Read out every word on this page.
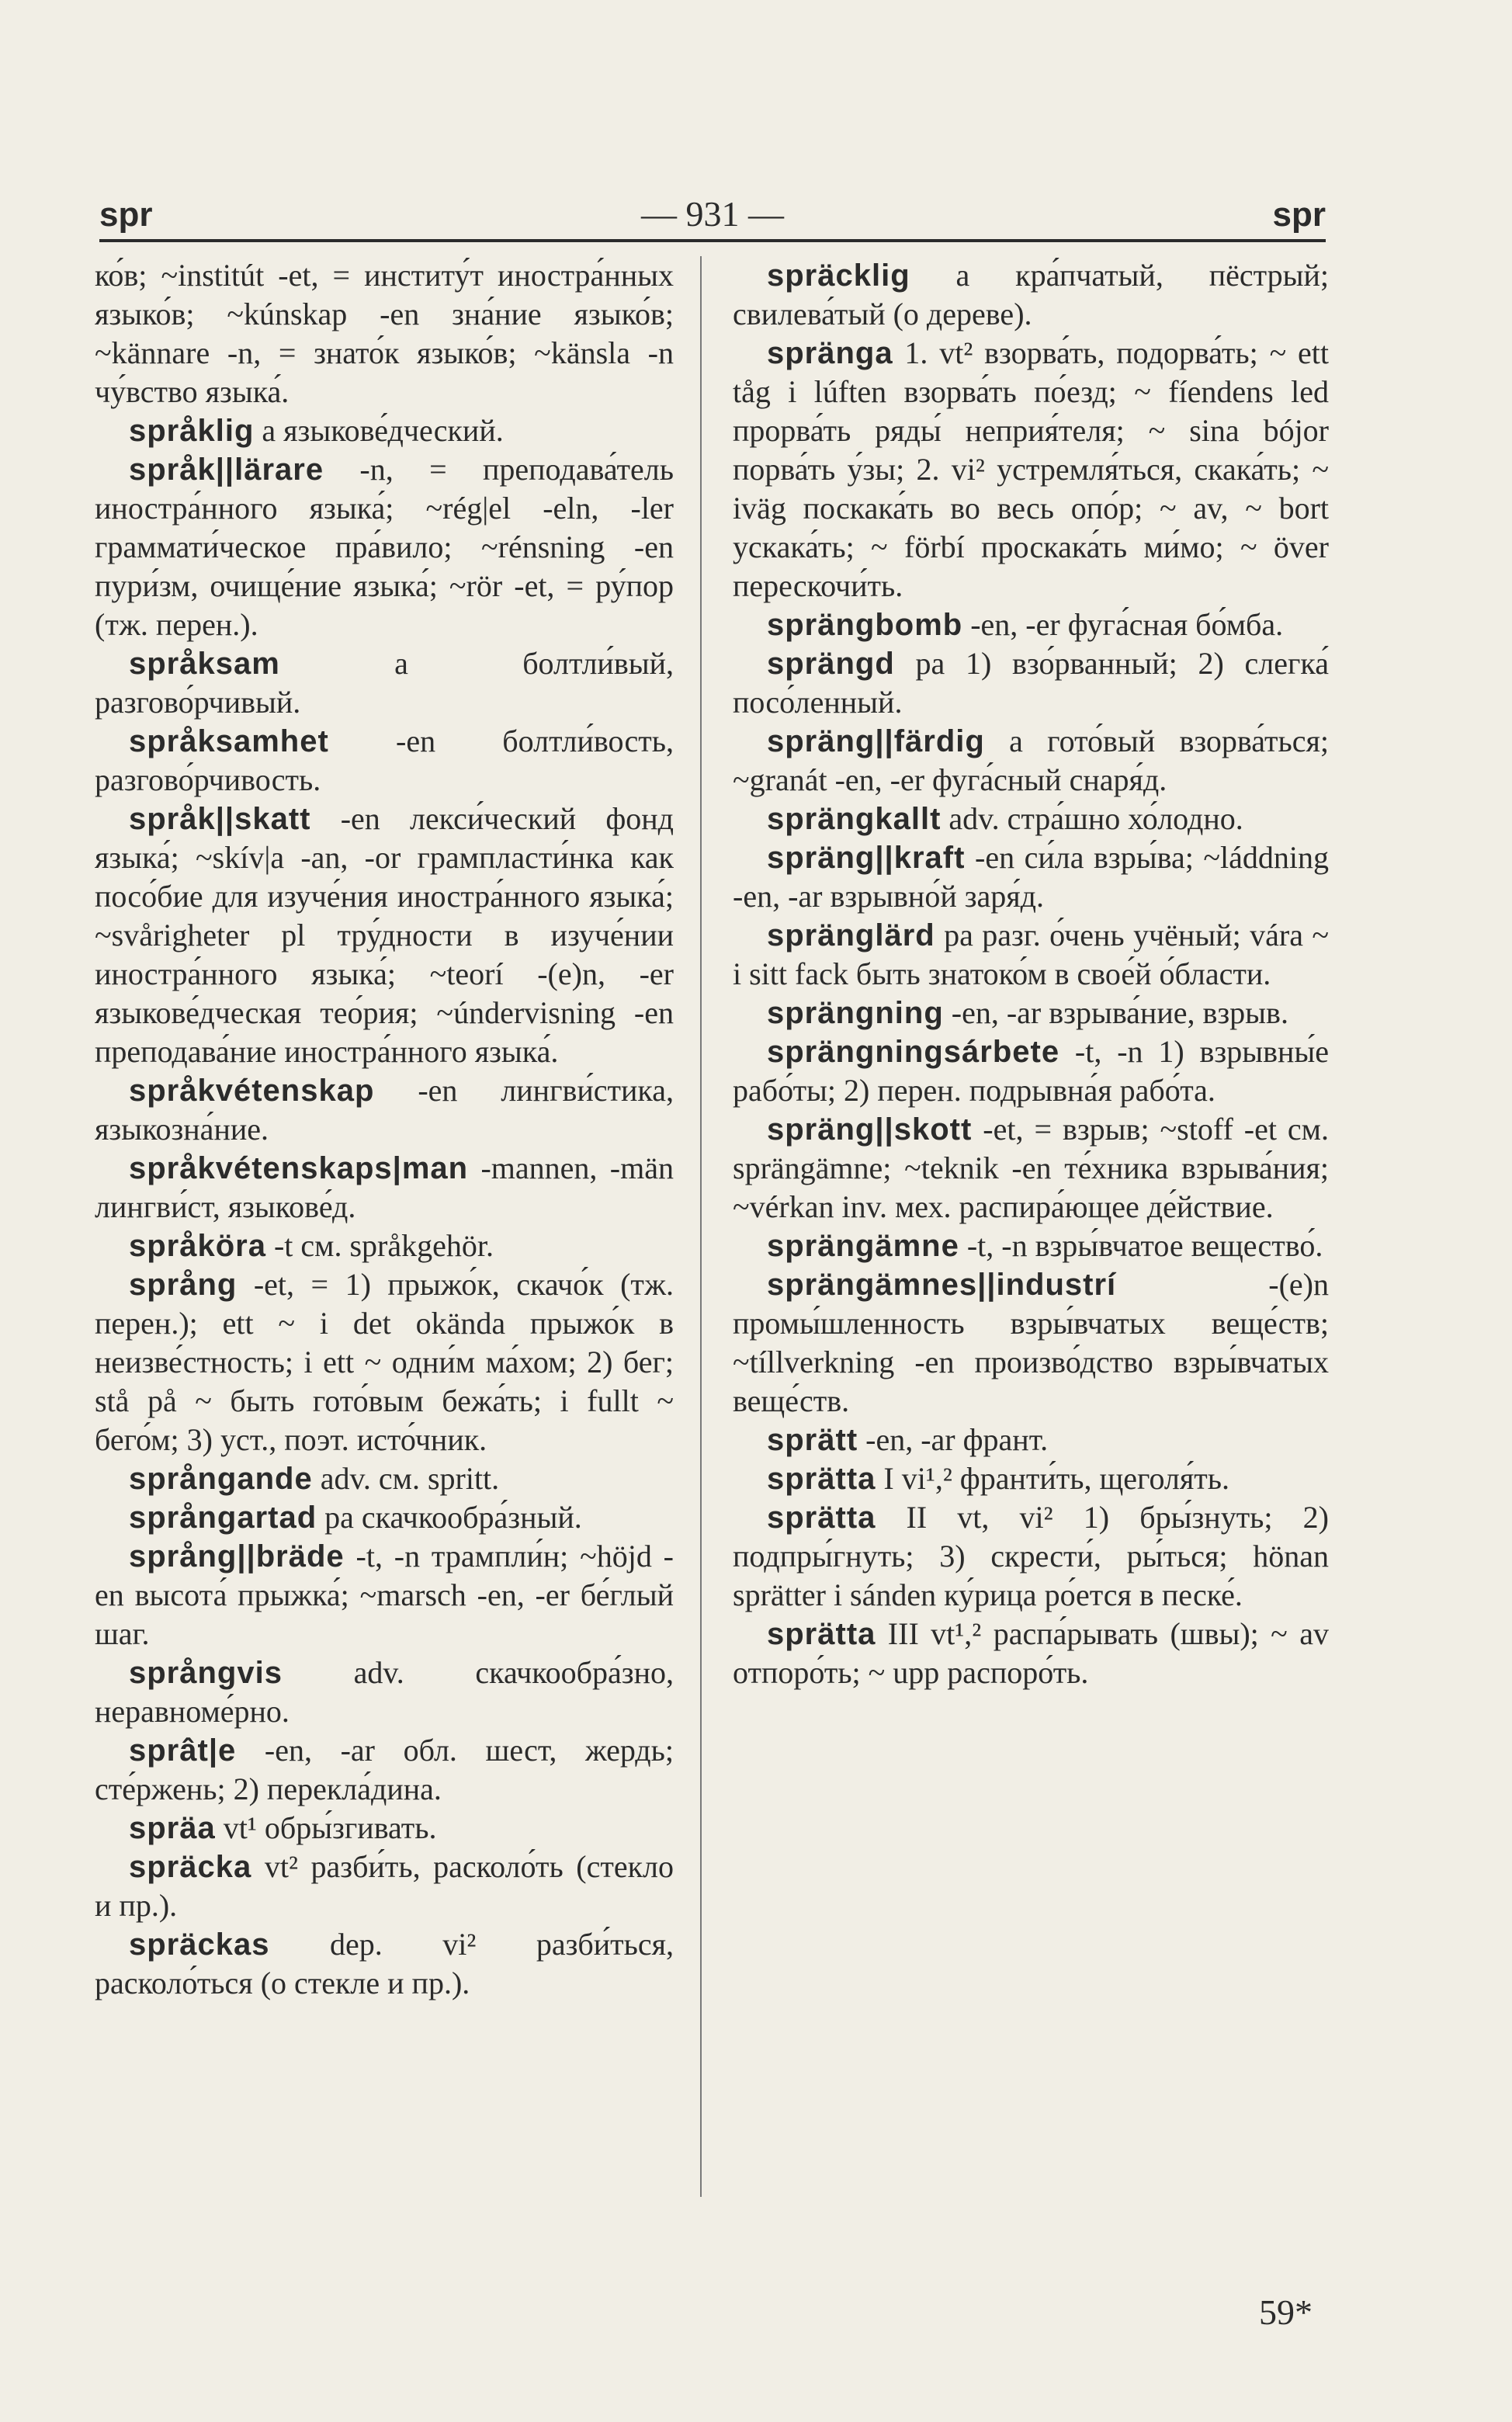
spr	— 931 —	spr

ко́в; ~institút -et, = институ́т иностра́нных языко́в; ~kúnskap -en зна́ние языко́в; ~kännare -n, = знато́к языко́в; ~känsla -n чу́вство языка́.

språklig a языкове́дческий.

språk||lärare -n, = преподава́тель иностра́нного языка́; ~rég|el -eln, -ler граммати́ческое пра́вило; ~rénsning -en пури́зм, очище́ние языка́; ~rör -et, = ру́пор (тж. перен.).

språksam a болтли́вый, разгово́рчивый.

språksamhet -en болтли́вость, разгово́рчивость.

språk||skatt -en лекси́ческий фонд языка́; ~skív|a -an, -or грампласти́нка как посо́бие для изуче́ния иностра́нного языка́; ~svårigheter pl тру́дности в изуче́нии иностра́нного языка́; ~teorí -(e)n, -er языкове́дческая тео́рия; ~úndervisning -en преподава́ние иностра́нного языка́.

språkvétenskap -en лингви́стика, языкозна́ние.

språkvétenskaps|man -mannen, -män лингви́ст, языкове́д.

språköra -t см. språkgehör.

språng -et, = 1) прыжо́к, скачо́к (тж. перен.); ett ~ i det okända прыжо́к в неизве́стность; i ett ~ одни́м ма́хом; 2) бег; stå på ~ быть гото́вым бежа́ть; i fullt ~ бего́м; 3) уст., поэт. исто́чник.

språngande adv. см. spritt.

språngartad pa скачкообра́зный.

språng||bräde -t, -n трампли́н; ~höjd -en высота́ прыжка́; ~marsch -en, -er бе́глый шаг.

språngvis adv. скачкообра́зно, неравноме́рно.

sprât|e -en, -ar обл. шест, жердь; сте́ржень; 2) перекла́дина.

spräa vt¹ обры́згивать.

spräcka vt² разби́ть, расколо́ть (стекло и пр.).

spräckas dep. vi² разби́ться, расколо́ться (о стекле и пр.).

spräcklig a кра́пчатый, пёстрый; свилева́тый (о дереве).

spränga 1. vt² взорва́ть, подорва́ть; ~ ett tåg i lúften взорва́ть по́езд; ~ fíendens led прорва́ть ряды́ неприя́теля; ~ sina bójor порва́ть у́зы; 2. vi² устремля́ться, скака́ть; ~ iväg поскака́ть во весь опо́р; ~ av, ~ bort ускака́ть; ~ förbí проскака́ть ми́мо; ~ över перескочи́ть.

sprängbomb -en, -er фуга́сная бо́мба.

sprängd pa 1) взо́рванный; 2) слегка́ посо́ленный.

spräng||färdig a гото́вый взорва́ться; ~granát -en, -er фуга́сный снаря́д.

sprängkallt adv. стра́шно хо́лодно.

spräng||kraft -en си́ла взры́ва; ~láddning -en, -ar взрывно́й заря́д.

spränglärd pa разг. о́чень учёный; vára ~ i sitt fack быть знатоко́м в свое́й о́бласти.

sprängning -en, -ar взрыва́ние, взрыв.

sprängningsárbete -t, -n 1) взрывны́е рабо́ты; 2) перен. подрывна́я рабо́та.

spräng||skott -et, = взрыв; ~stoff -et см. sprängämne; ~teknik -en те́хника взрыва́ния; ~vérkan inv. мех. распира́ющее де́йствие.

sprängämne -t, -n взры́вчатое вещество́.

sprängämnes||industrí -(e)n промы́шленность взры́вчатых веще́ств; ~tíllverkning -en произво́дство взры́вчатых веще́ств.

sprätt -en, -ar франт.

sprätta I vi¹,² франти́ть, щеголя́ть.

sprätta II vt, vi² 1) бры́знуть; 2) подпры́гнуть; 3) скрести́, ры́ться; hönan sprätter i sánden ку́рица ро́ется в песке́.

sprätta III vt¹,² распа́рывать (швы); ~ av отпоро́ть; ~ upp распоро́ть.

59*
